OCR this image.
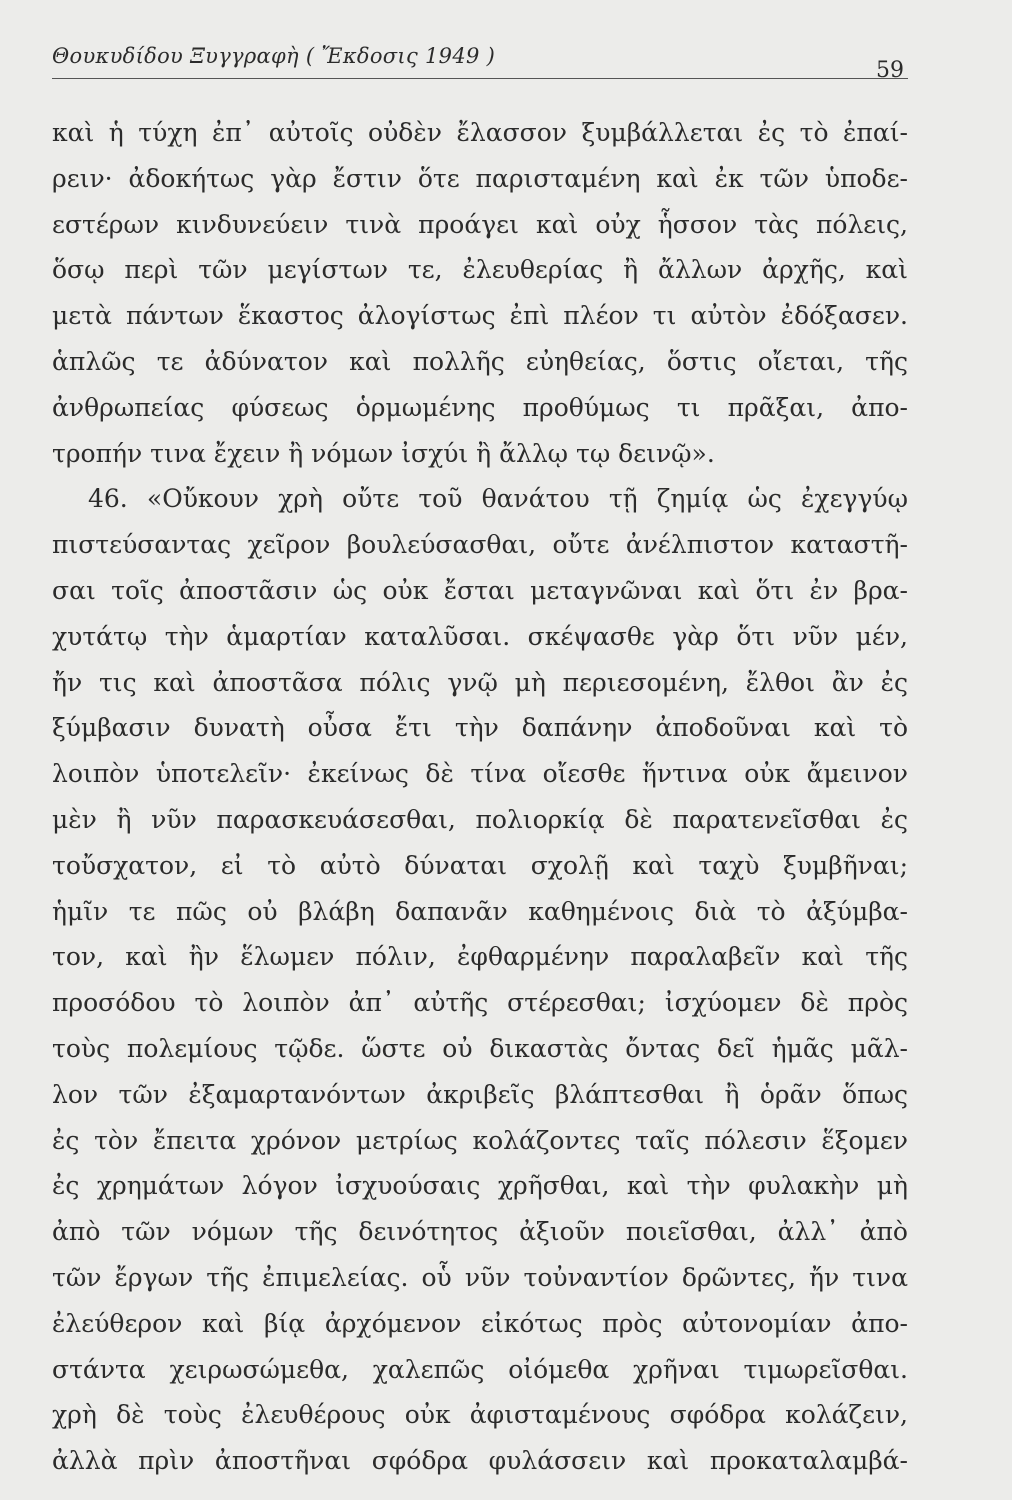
Θουκυδίδου Ξυγγραφὴ ( Ἔκδοσις 1949 )
59
καὶ ἡ τύχη ἐπ᾽ αὐτοῖς οὐδὲν ἔλασσον ξυμβάλλεται ἐς τὸ ἐπαί-
ρειν· ἀδοκήτως γὰρ ἔστιν ὅτε παρισταμένη καὶ ἐκ τῶν ὑποδε-
εστέρων κινδυνεύειν τινὰ προάγει καὶ οὐχ ἧσσον τὰς πόλεις,
ὅσῳ περὶ τῶν μεγίστων τε, ἐλευθερίας ἢ ἄλλων ἀρχῆς, καὶ
μετὰ πάντων ἕκαστος ἀλογίστως ἐπὶ πλέον τι αὐτὸν ἐδόξασεν.
ἁπλῶς τε ἀδύνατον καὶ πολλῆς εὐηθείας, ὅστις οἴεται, τῆς
ἀνθρωπείας φύσεως ὁρμωμένης προθύμως τι πρᾶξαι, ἀπο-
τροπήν τινα ἔχειν ἢ νόμων ἰσχύι ἢ ἄλλῳ τῳ δεινῷ».
46. «Οὔκουν χρὴ οὔτε τοῦ θανάτου τῇ ζημίᾳ ὡς ἐχεγγύῳ
πιστεύσαντας χεῖρον βουλεύσασθαι, οὔτε ἀνέλπιστον καταστῆ-
σαι τοῖς ἀποστᾶσιν ὡς οὐκ ἔσται μεταγνῶναι καὶ ὅτι ἐν βρα-
χυτάτῳ τὴν ἁμαρτίαν καταλῦσαι. σκέψασθε γὰρ ὅτι νῦν μέν,
ἤν τις καὶ ἀποστᾶσα πόλις γνῷ μὴ περιεσομένη, ἔλθοι ἂν ἐς
ξύμβασιν δυνατὴ οὖσα ἔτι τὴν δαπάνην ἀποδοῦναι καὶ τὸ
λοιπὸν ὑποτελεῖν· ἐκείνως δὲ τίνα οἴεσθε ἥντινα οὐκ ἄμεινον
μὲν ἢ νῦν παρασκευάσεσθαι, πολιορκίᾳ δὲ παρατενεῖσθαι ἐς
τοὔσχατον, εἰ τὸ αὐτὸ δύναται σχολῇ καὶ ταχὺ ξυμβῆναι;
ἡμῖν τε πῶς οὐ βλάβη δαπανᾶν καθημένοις διὰ τὸ ἀξύμβα-
τον, καὶ ἢν ἕλωμεν πόλιν, ἐφθαρμένην παραλαβεῖν καὶ τῆς
προσόδου τὸ λοιπὸν ἀπ᾽ αὐτῆς στέρεσθαι; ἰσχύομεν δὲ πρὸς
τοὺς πολεμίους τῷδε. ὥστε οὐ δικαστὰς ὄντας δεῖ ἡμᾶς μᾶλ-
λον τῶν ἐξαμαρτανόντων ἀκριβεῖς βλάπτεσθαι ἢ ὁρᾶν ὅπως
ἐς τὸν ἔπειτα χρόνον μετρίως κολάζοντες ταῖς πόλεσιν ἕξομεν
ἐς χρημάτων λόγον ἰσχυούσαις χρῆσθαι, καὶ τὴν φυλακὴν μὴ
ἀπὸ τῶν νόμων τῆς δεινότητος ἀξιοῦν ποιεῖσθαι, ἀλλ᾽ ἀπὸ
τῶν ἔργων τῆς ἐπιμελείας. οὗ νῦν τοὐναντίον δρῶντες, ἤν τινα
ἐλεύθερον καὶ βίᾳ ἀρχόμενον εἰκότως πρὸς αὐτονομίαν ἀπο-
στάντα χειρωσώμεθα, χαλεπῶς οἰόμεθα χρῆναι τιμωρεῖσθαι.
χρὴ δὲ τοὺς ἐλευθέρους οὐκ ἀφισταμένους σφόδρα κολάζειν,
ἀλλὰ πρὶν ἀποστῆναι σφόδρα φυλάσσειν καὶ προκαταλαμβά-
